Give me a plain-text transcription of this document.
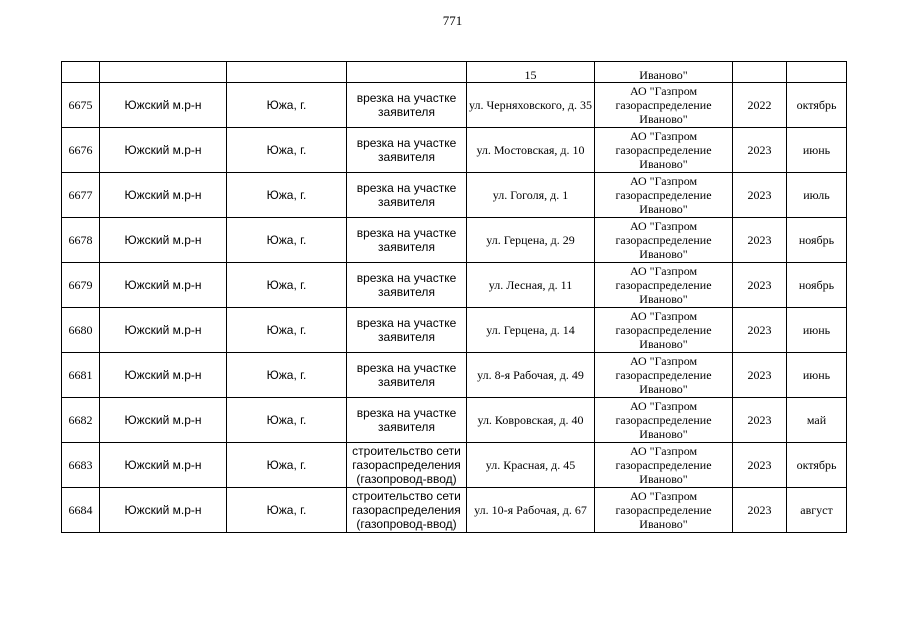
771
				15	Иваново"		
6675	Южский м.р-н	Южа, г.	врезка на участке заявителя	ул. Черняховского, д. 35	АО "Газпром газораспределение Иваново"	2022	октябрь
6676	Южский м.р-н	Южа, г.	врезка на участке заявителя	ул. Мостовская, д. 10	АО "Газпром газораспределение Иваново"	2023	июнь
6677	Южский м.р-н	Южа, г.	врезка на участке заявителя	ул. Гоголя, д. 1	АО "Газпром газораспределение Иваново"	2023	июль
6678	Южский м.р-н	Южа, г.	врезка на участке заявителя	ул. Герцена, д. 29	АО "Газпром газораспределение Иваново"	2023	ноябрь
6679	Южский м.р-н	Южа, г.	врезка на участке заявителя	ул. Лесная, д. 11	АО "Газпром газораспределение Иваново"	2023	ноябрь
6680	Южский м.р-н	Южа, г.	врезка на участке заявителя	ул. Герцена, д. 14	АО "Газпром газораспределение Иваново"	2023	июнь
6681	Южский м.р-н	Южа, г.	врезка на участке заявителя	ул. 8-я Рабочая, д. 49	АО "Газпром газораспределение Иваново"	2023	июнь
6682	Южский м.р-н	Южа, г.	врезка на участке заявителя	ул. Ковровская, д. 40	АО "Газпром газораспределение Иваново"	2023	май
6683	Южский м.р-н	Южа, г.	строительство сети газораспределения (газопровод-ввод)	ул. Красная, д. 45	АО "Газпром газораспределение Иваново"	2023	октябрь
6684	Южский м.р-н	Южа, г.	строительство сети газораспределения (газопровод-ввод)	ул. 10-я Рабочая, д. 67	АО "Газпром газораспределение Иваново"	2023	август
